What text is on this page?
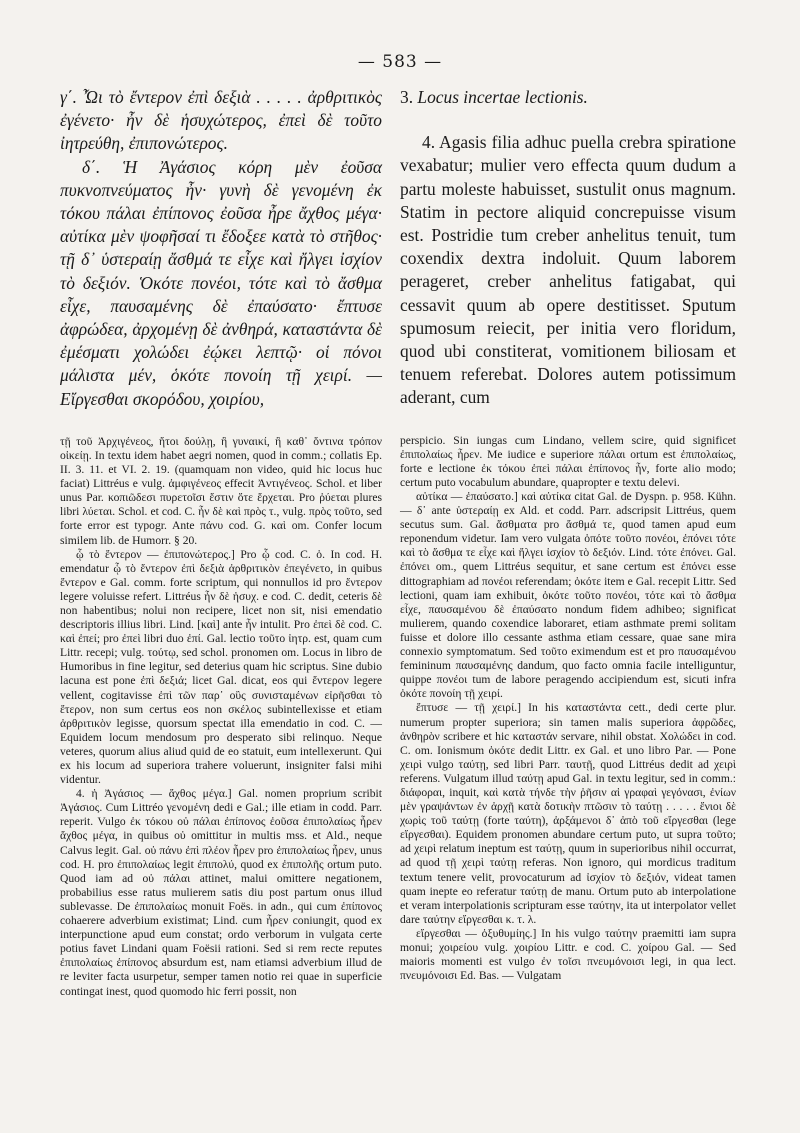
— 583 —

γ΄. Ὦι τὸ ἔντερον ἐπὶ δεξιὰ . . . . . ἀρθριτικὸς ἐγένετο· ἦν δὲ ἡσυχώτερος, ἐπεὶ δὲ τοῦτο ἰητρεύθη, ἐπιπονώτερος.

δ΄. Ἡ Ἀγάσιος κόρη μὲν ἐοῦσα πυκνοπνεύματος ἦν· γυνὴ δὲ γενομένη ἐκ τόκου πάλαι ἐπίπονος ἐοῦσα ἦρε ἄχθος μέγα· αὐτίκα μὲν ψοφῆσαί τι ἔδοξεε κατὰ τὸ στῆθος· τῇ δ᾽ ὑστεραίῃ ἄσθμά τε εἶχε καὶ ἤλγει ἰσχίον τὸ δεξιόν. Ὁκότε πονέοι, τότε καὶ τὸ ἄσθμα εἶχε, παυσαμένης δὲ ἐπαύσατο· ἔπτυσε ἀφρώδεα, ἀρχομένῃ δὲ ἀνθηρά, καταστάντα δὲ ἐμέσματι χολώδει ἐῴκει λεπτῷ· οἱ πόνοι μάλιστα μέν, ὁκότε πονοίη τῇ χειρί. — Εἴργεσθαι σκορόδου, χοιρίου,

τῇ τοῦ Ἀρχιγένεος, ἤτοι δούλῃ, ἢ γυναικί, ἢ καθ᾽ ὅντινα τρόπον οἰκείῃ. In textu idem habet aegri nomen, quod in comm.; collatis Ep. II. 3. 11. et VI. 2. 19. (quamquam non video, quid hic locus huc faciat) Littréus e vulg. ἀμφιγένεος effecit Ἀντιγένεος. Schol. et liber unus Par. κοπιῶδεσι πυρετοῖσι ἔστιν ὅτε ἔρχεται. Pro ῥύεται plures libri λύεται. Schol. et cod. C. ἦν δὲ καὶ πρὸς τ., vulg. πρὸς τοῦτο, sed forte error est typogr. Ante πάνυ cod. G. καὶ om. Confer locum similem lib. de Humorr. § 20.

ᾧ τὸ ἔντερον — ἐπιπονώτερος.] Pro ᾧ cod. C. ὁ. In cod. H. emendatur ᾧ τὸ ἔντερον ἐπὶ δεξιὰ ἀρθριτικὸν ἐπεγένετο, in quibus ἔντερον e Gal. comm. forte scriptum, qui nonnullos id pro ἔντερον legere voluisse refert. Littréus ἦν δὲ ἡσυχ. e cod. C. dedit, ceteris δὲ non habentibus; nolui non recipere, licet non sit, nisi emendatio descriptoris illius libri. Lind. [καὶ] ante ἦν intulit. Pro ἐπεὶ δὲ cod. C. καὶ ἐπεί; pro ἐπεὶ libri duo ἐπί. Gal. lectio τοῦτο ἰητρ. est, quam cum Littr. recepi; vulg. τούτῳ, sed schol. pronomen om. Locus in libro de Humoribus in fine legitur, sed deterius quam hic scriptus. Sine dubio lacuna est pone ἐπὶ δεξιά; licet Gal. dicat, eos qui ἔντερον legere vellent, cogitavisse ἐπὶ τῶν παρ᾽ οὓς συνισταμένων εἰρῆσθαι τὸ ἔτερον, non sum certus eos non σκέλος subintellexisse et etiam ἀρθριτικὸν legisse, quorsum spectat illa emendatio in cod. C. — Equidem locum mendosum pro desperato sibi relinquo. Neque veteres, quorum alius aliud quid de eo statuit, eum intellexerunt. Qui ex his locum ad superiora trahere voluerunt, insigniter falsi mihi videntur.

4. ἡ Ἀγάσιος — ἄχθος μέγα.] Gal. nomen proprium scribit Ἀγάσιος. Cum Littréo γενομένη dedi e Gal.; ille etiam in codd. Parr. reperit. Vulgo ἐκ τόκου οὐ πάλαι ἐπίπονος ἐοῦσα ἐπιπολαίως ἦρεν ἄχθος μέγα, in quibus οὐ omittitur in multis mss. et Ald., neque Calvus legit. Gal. οὐ πάνυ ἐπὶ πλέον ἦρεν pro ἐπιπολαίως ἦρεν, unus cod. H. pro ἐπιπολαίως legit ἐπιπολύ, quod ex ἐπιπολῆς ortum puto. Quod iam ad οὐ πάλαι attinet, malui omittere negationem, probabilius esse ratus mulierem satis diu post partum onus illud sublevasse. De ἐπιπολαίως monuit Foës. in adn., qui cum ἐπίπονος cohaerere adverbium existimat; Lind. cum ἦρεν coniungit, quod ex interpunctione apud eum constat; ordo verborum in vulgata certe potius favet Lindani quam Foësii rationi. Sed si rem recte reputes ἐπιπολαίως ἐπίπονος absurdum est, nam etiamsi adverbium illud de re leviter facta usurpetur, semper tamen notio rei quae in superficie contingat inest, quod quomodo hic ferri possit, non

3. Locus incertae lectionis.

4. Agasis filia adhuc puella crebra spiratione vexabatur; mulier vero effecta quum dudum a partu moleste habuisset, sustulit onus magnum. Statim in pectore aliquid concrepuisse visum est. Postridie tum creber anhelitus tenuit, tum coxendix dextra indoluit. Quum laborem perageret, creber anhelitus fatigabat, qui cessavit quum ab opere destitisset. Sputum spumosum reiecit, per initia vero floridum, quod ubi constiterat, vomitionem biliosam et tenuem referebat. Dolores autem potissimum aderant, cum

perspicio. Sin iungas cum Lindano, vellem scire, quid significet ἐπιπολαίως ἦρεν. Me iudice e superiore πάλαι ortum est ἐπιπολαίως, forte e lectione ἐκ τόκου ἐπεὶ πάλαι ἐπίπονος ἦν, forte alio modo; certum puto vocabulum abundare, quapropter e textu delevi.

αὐτίκα — ἐπαύσατο.] καὶ αὐτίκα citat Gal. de Dyspn. p. 958. Kühn. — δ᾽ ante ὑστεραίῃ ex Ald. et codd. Parr. adscripsit Littréus, quem secutus sum. Gal. ἄσθματα pro ἄσθμά τε, quod tamen apud eum reponendum videtur. Iam vero vulgata ὁπότε τοῦτο πονέοι, ἐπόνει τότε καὶ τὸ ἄσθμα τε εἶχε καὶ ἤλγει ἰσχίον τὸ δεξιόν. Lind. τότε ἐπόνει. Gal. ἐπόνει om., quem Littréus sequitur, et sane certum est ἐπόνει esse dittographiam ad πονέοι referendam; ὁκότε item e Gal. recepit Littr. Sed lectioni, quam iam exhibuit, ὁκότε τοῦτο πονέοι, τότε καὶ τὸ ἄσθμα εἶχε, παυσαμένου δὲ ἐπαύσατο nondum fidem adhibeo; significat mulierem, quando coxendice laboraret, etiam asthmate premi solitam fuisse et dolore illo cessante asthma etiam cessare, quae sane mira connexio symptomatum. Sed τοῦτο eximendum est et pro παυσαμένου femininum παυσαμένης dandum, quo facto omnia facile intelliguntur, quippe πονέοι tum de labore peragendo accipiendum est, sicuti infra ὁκότε πονοίη τῇ χειρί.

ἔπτυσε — τῇ χειρί.] In his καταστάντα cett., dedi certe plur. numerum propter superiora; sin tamen malis superiora ἀφρῶδες, ἀνθηρὸν scribere et hic καταστάν servare, nihil obstat. Χολώδει in cod. C. om. Ionismum ὁκότε dedit Littr. ex Gal. et uno libro Par. — Pone χειρὶ vulgo ταύτῃ, sed libri Parr. ταυτῇ, quod Littréus dedit ad χειρὶ referens. Vulgatum illud ταύτῃ apud Gal. in textu legitur, sed in comm.: διάφοραι, inquit, καὶ κατὰ τήνδε τὴν ῥῆσιν αἱ γραφαὶ γεγόνασι, ἐνίων μὲν γραψάντων ἐν ἀρχῇ κατὰ δοτικὴν πτῶσιν τὸ ταύτῃ . . . . . ἔνιοι δὲ χωρὶς τοῦ ταύτῃ (forte ταύτη), ἀρξάμενοι δ᾽ ἀπὸ τοῦ εἴργεσθαι (lege εἴργεσθαι). Equidem pronomen abundare certum puto, ut supra τοῦτο; ad χειρὶ relatum ineptum est ταύτῃ, quum in superioribus nihil occurrat, ad quod τῇ χειρὶ ταύτῃ referas. Non ignoro, qui mordicus traditum textum tenere velit, provocaturum ad ἰσχίον τὸ δεξιόν, videat tamen quam inepte eo referatur ταύτῃ de manu. Ortum puto ab interpolatione et veram interpolationis scripturam esse ταύτην, ita ut interpolator vellet dare ταύτην εἴργεσθαι κ. τ. λ.

εἴργεσθαι — ὀξυθυμίης.] In his vulgo ταύτην praemitti iam supra monui; χοιρείου vulg. χοιρίου Littr. e cod. C. χοίρου Gal. — Sed maioris momenti est vulgo ἐν τοῖσι πνευμόνοισι legi, in qua lect. πνευμόνοισι Ed. Bas. — Vulgatam
